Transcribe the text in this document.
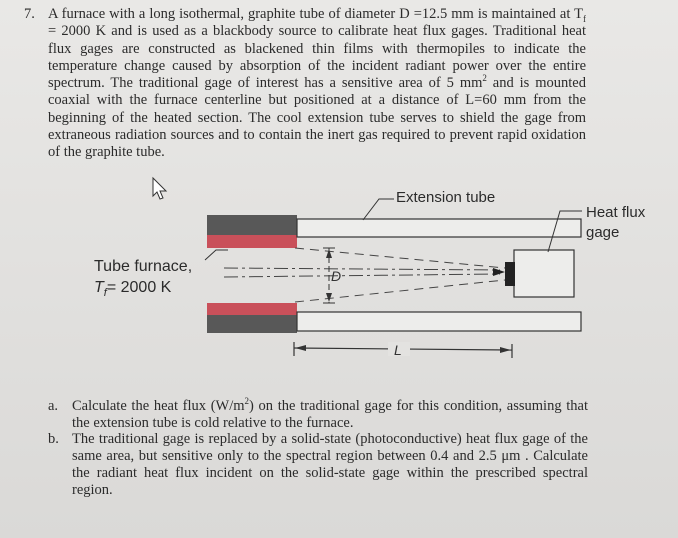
7. A furnace with a long isothermal, graphite tube of diameter D =12.5 mm is maintained at $T_f = 2000$ K and is used as a blackbody source to calibrate heat flux gages. Traditional heat flux gages are constructed as blackened thin films with thermopiles to indicate the temperature change caused by absorption of the incident radiant power over the entire spectrum. The traditional gage of interest has a sensitive area of 5 $mm^2$ and is mounted coaxial with the furnace centerline but positioned at a distance of L=60 mm from the beginning of the heated section. The cool extension tube serves to shield the gage from extraneous radiation sources and to contain the inert gas required to prevent rapid oxidation of the graphite tube.

D
L
Extension tube
Heat flux
gage
Tube furnace,
$T_f= 2000$ K
a. Calculate the heat flux $(W/m^2)$ on the traditional gage for this condition, assuming that the extension tube is cold relative to the furnace.
b. The traditional gage is replaced by a solid-state (photoconductive) heat flux gage of the same area, but sensitive only to the spectral region between 0.4 and 2.5 μm . Calculate the radiant heat flux incident on the solid-state gage within the prescribed spectral region.
